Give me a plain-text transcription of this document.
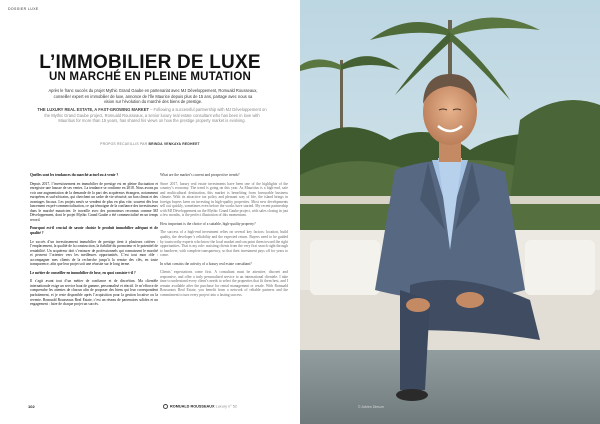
DOSSIER LUXE
L’IMMOBILIER DE LUXE
UN MARCHÉ EN PLEINE MUTATION

Après le franc succès du projet Mythic Grand Gaube en partenariat avec MJ Développement, Romuald Rousseaux, conseiller expert en immobilier de luxe, annonce de l’Île Maurice depuis plus de 15 ans, partage avec nous sa vision sur l’évolution du marché des biens de prestige.

THE LUXURY REAL ESTATE, A FAST-GROWING MARKET – Following a successful partnership with MJ Développement on the Mythic Grand Gaube project, Romuald Rousseaux, a senior luxury real estate consultant who has been in love with Mauritius for more than 15 years, has shared his views on how the prestige property market is evolving.

PROPOS RECUEILLIS PAR BRINDA VENKAYA REDHEET

Quelles sont les tendances du marché actuel ou à venir ?

Depuis 2017, l’investissement en immobilier de prestige est en pleine fluctuation et enregistre une hausse de ses ventes. La tendance se confirme en 2018. Nous avons pu voir une augmentation de la demande de la part des acquéreurs étrangers, notamment européens et sud-africains, qui cherchent un cadre de vie sécurisé, un bon climat et des avantages fiscaux. Les projets neufs se vendent de plus en plus vite, souvent dès leur lancement en pré-commercialisation, ce qui témoigne de la confiance des investisseurs dans le marché mauricien. Je travaille avec des promoteurs reconnus comme MJ Développement, dont le projet Mythic Grand Gaube a été commercialisé en un temps record.

Pourquoi est-il crucial de savoir choisir le produit immobilier adéquat et de qualité ?

Le succès d’un investissement immobilier de prestige tient à plusieurs critères : l’emplacement, la qualité de la construction, la fiabilité du promoteur et le potentiel de rentabilité. Un acquéreur doit s’entourer de professionnels qui connaissent le marché et peuvent l’orienter vers les meilleures opportunités. C’est tout mon rôle : accompagner mes clients de la recherche jusqu’à la remise des clés, en toute transparence, afin que leur projet soit une réussite sur le long terme.

Le métier de conseiller en immobilier de luxe, en quoi consiste-t-il ?

Il s’agit avant tout d’un métier de confiance et de discrétion. Ma clientèle internationale exige un service haut de gamme, personnalisé et réactif. Je m’efforce de comprendre les attentes de chacun afin de proposer des biens qui leur correspondent parfaitement, et je reste disponible après l’acquisition pour la gestion locative ou la revente. Romuald Rousseaux Real Estate, c’est un réseau de partenaires solides et un engagement : faire de chaque projet un succès.

What are the market’s current and prospective trends?

Since 2017, luxury real estate investments have been one of the highlights of the country’s economy. The trend is going on this year. As Mauritius is a high-end, safe and multicultural destination, this market is benefiting from favourable business climate. With its attractive tax policy and pleasant way of life, the island brings in foreign buyers keen on investing in high-quality properties. Most new developments sell out quickly, sometimes even before the works have started. My recent partnership with MJ Développement on the Mythic Grand Gaube project, with sales closing in just a few months, is the perfect illustration of this momentum.

How important is the choice of a suitable, high-quality property?

The success of a high-end investment relies on several key factors: location, build quality, the developer’s reliability and the expected return. Buyers need to be guided by trustworthy experts who know the local market and can point them toward the right opportunities. That is my role: assisting clients from the very first search right through to handover, with complete transparency, so that their investment pays off for years to come.

In what consists the activity of a luxury real estate consultant?

Clients’ expectations come first. A consultant must be attentive, discreet and responsive, and offer a truly personalised service to an international clientele. I take time to understand every client’s needs to select the properties that fit them best, and I remain available after the purchase for rental management or resale. With Romuald Rousseaux Real Estate, you benefit from a network of reliable partners and the commitment to turn every project into a lasting success.

102	ROMUALD ROUSSEAUX Luxury n° 52	© Adrien Dieuze
